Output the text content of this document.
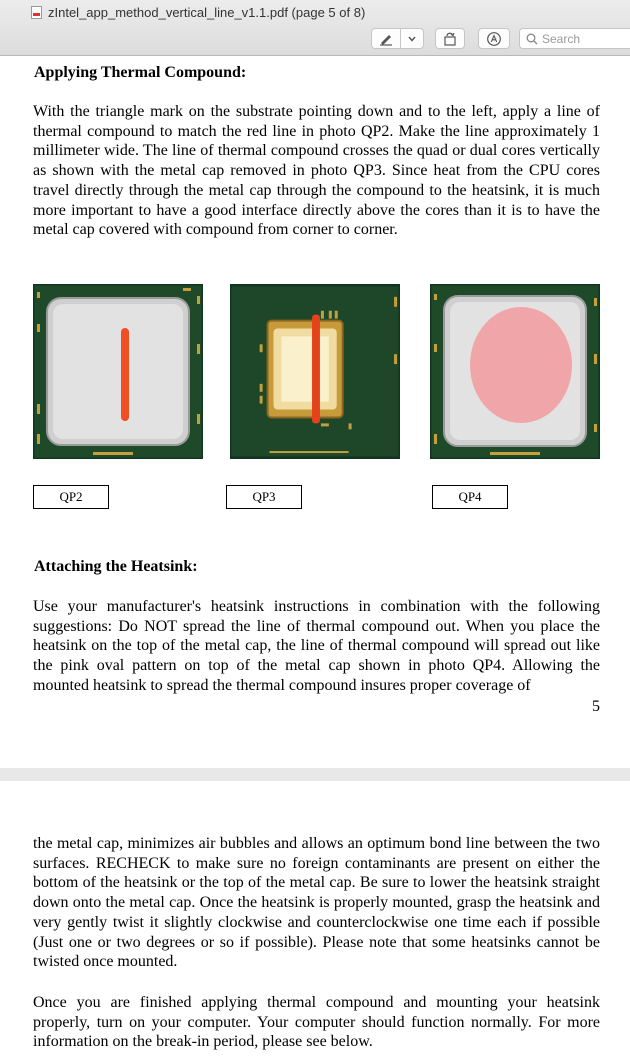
zIntel_app_method_vertical_line_v1.1.pdf (page 5 of 8)
Search
Applying Thermal Compound:
With the triangle mark on the substrate pointing down and to the left, apply a line of thermal compound to match the red line in photo QP2. Make the line approximately 1 millimeter wide. The line of thermal compound crosses the quad or dual cores vertically as shown with the metal cap removed in photo QP3. Since heat from the CPU cores travel directly through the metal cap through the compound to the heatsink, it is much more important to have a good interface directly above the cores than it is to have the metal cap covered with compound from corner to corner.
QP2	QP3	QP4
Attaching the Heatsink:
Use your manufacturer's heatsink instructions in combination with the following suggestions: Do NOT spread the line of thermal compound out. When you place the heatsink on the top of the metal cap, the line of thermal compound will spread out like the pink oval pattern on top of the metal cap shown in photo QP4. Allowing the mounted heatsink to spread the thermal compound insures proper coverage of
5
the metal cap, minimizes air bubbles and allows an optimum bond line between the two surfaces. RECHECK to make sure no foreign contaminants are present on either the bottom of the heatsink or the top of the metal cap. Be sure to lower the heatsink straight down onto the metal cap. Once the heatsink is properly mounted, grasp the heatsink and very gently twist it slightly clockwise and counterclockwise one time each if possible (Just one or two degrees or so if possible). Please note that some heatsinks cannot be twisted once mounted.
Once you are finished applying thermal compound and mounting your heatsink properly, turn on your computer. Your computer should function normally. For more information on the break-in period, please see below.
